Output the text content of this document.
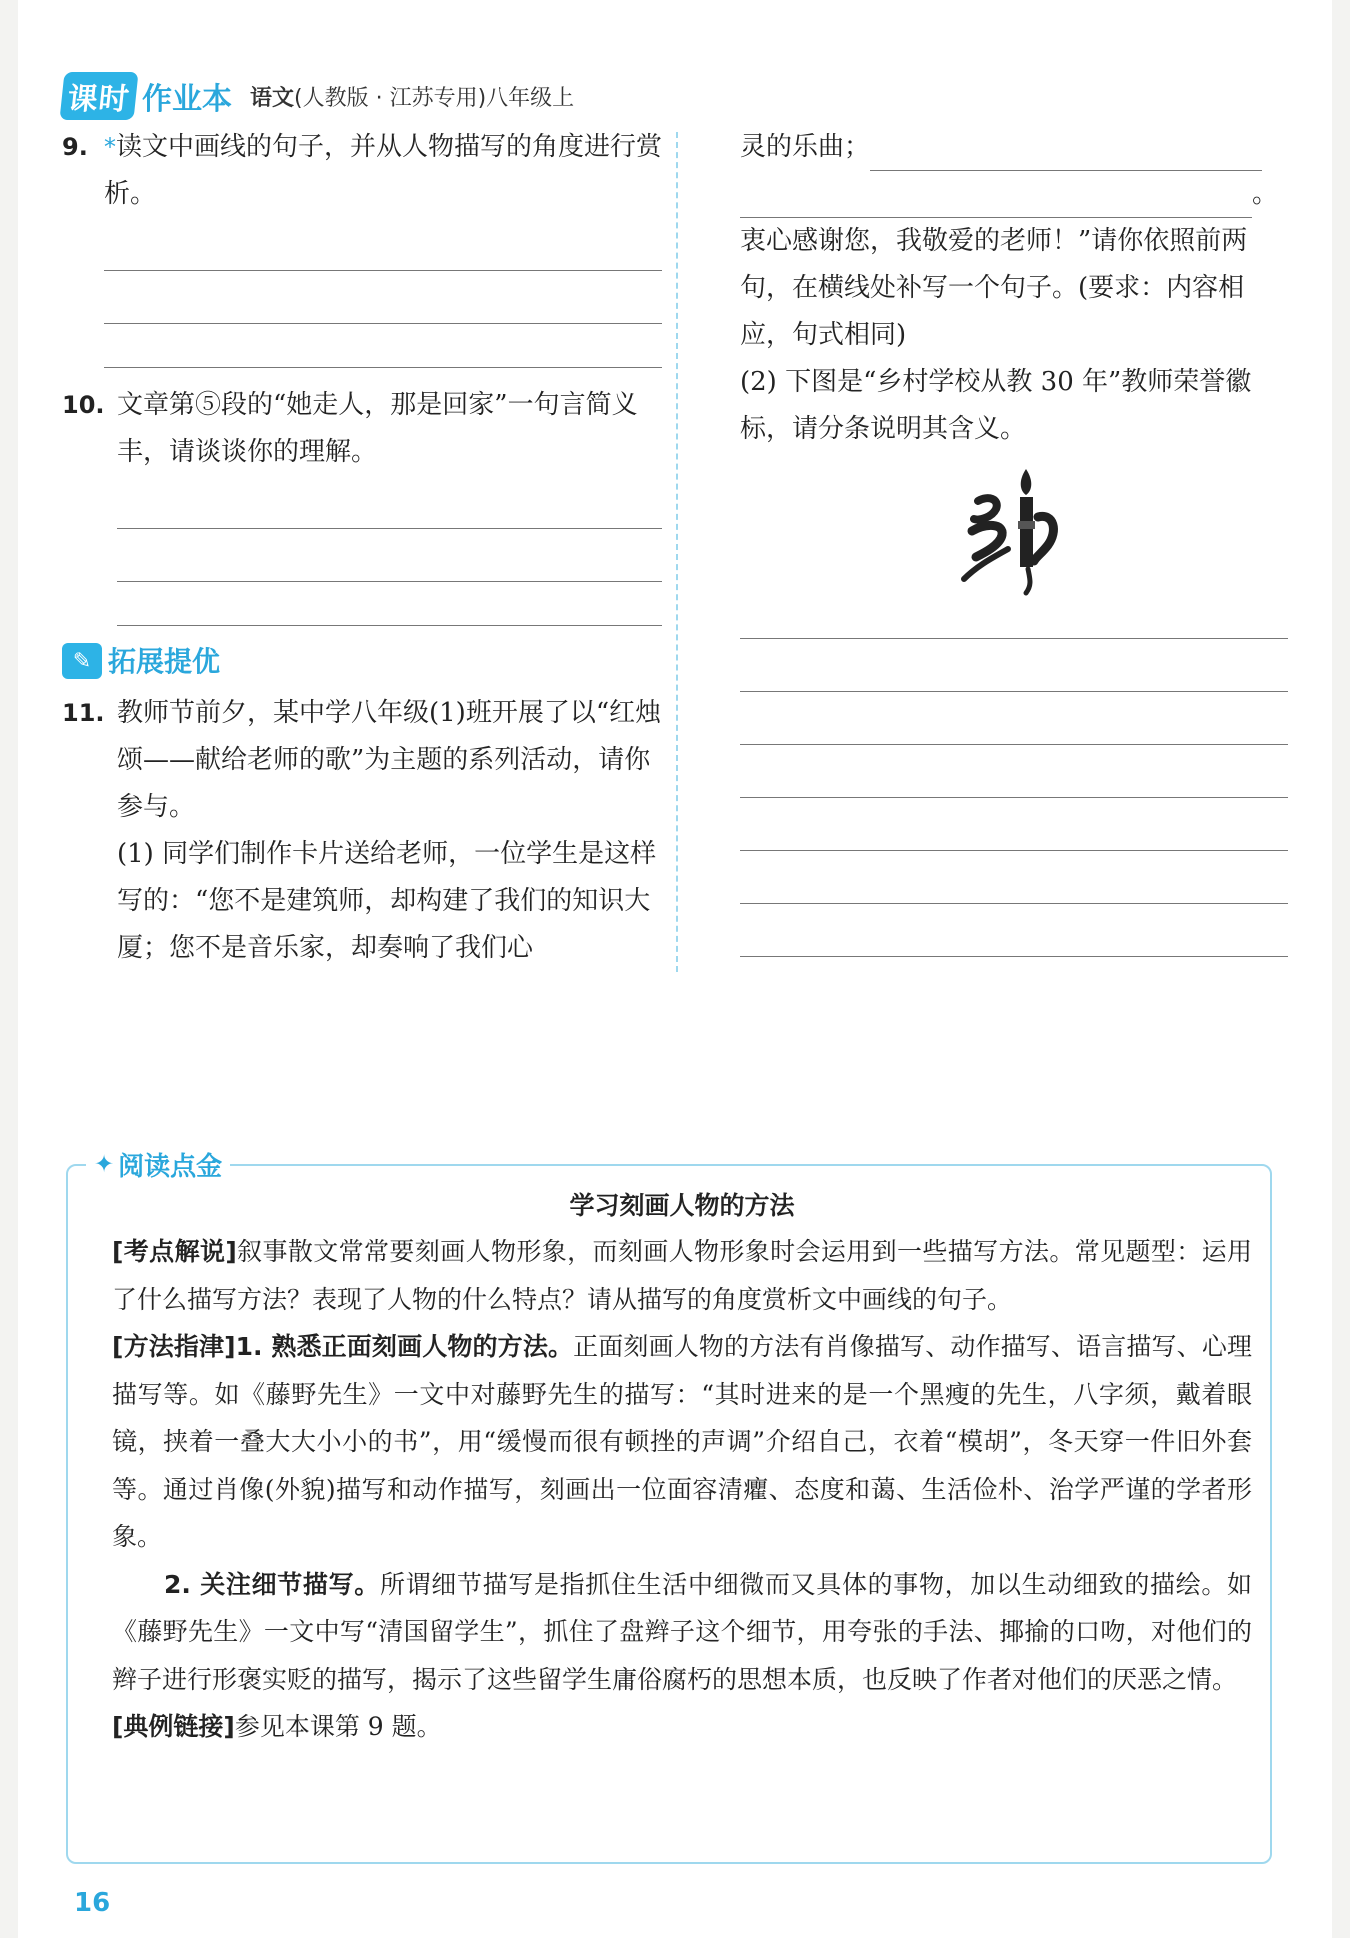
课时 作业本 语文(人教版 · 江苏专用)八年级上
9. *读文中画线的句子，并从人物描写的角度进行赏析。
10. 文章第⑤段的“她走人，那是回家”一句言简义丰，请谈谈你的理解。
✎ 拓展提优
11. 教师节前夕，某中学八年级(1)班开展了以“红烛颂——献给老师的歌”为主题的系列活动，请你参与。
(1) 同学们制作卡片送给老师，一位学生是这样写的：“您不是建筑师，却构建了我们的知识大厦；您不是音乐家，却奏响了我们心
灵的乐曲；
。
衷心感谢您，我敬爱的老师！”请你依照前两句，在横线处补写一个句子。(要求：内容相应，句式相同)
(2) 下图是“乡村学校从教 30 年”教师荣誉徽标，请分条说明其含义。
✦ 阅读点金
学习刻画人物的方法
[考点解说]叙事散文常常要刻画人物形象，而刻画人物形象时会运用到一些描写方法。常见题型：运用了什么描写方法？表现了人物的什么特点？请从描写的角度赏析文中画线的句子。
[方法指津]1. 熟悉正面刻画人物的方法。正面刻画人物的方法有肖像描写、动作描写、语言描写、心理描写等。如《藤野先生》一文中对藤野先生的描写：“其时进来的是一个黑瘦的先生，八字须，戴着眼镜，挟着一叠大大小小的书”，用“缓慢而很有顿挫的声调”介绍自己，衣着“模胡”，冬天穿一件旧外套等。通过肖像(外貌)描写和动作描写，刻画出一位面容清癯、态度和蔼、生活俭朴、治学严谨的学者形象。
2. 关注细节描写。所谓细节描写是指抓住生活中细微而又具体的事物，加以生动细致的描绘。如《藤野先生》一文中写“清国留学生”，抓住了盘辫子这个细节，用夸张的手法、揶揄的口吻，对他们的辫子进行形褒实贬的描写，揭示了这些留学生庸俗腐朽的思想本质，也反映了作者对他们的厌恶之情。
[典例链接]参见本课第 9 题。
16
